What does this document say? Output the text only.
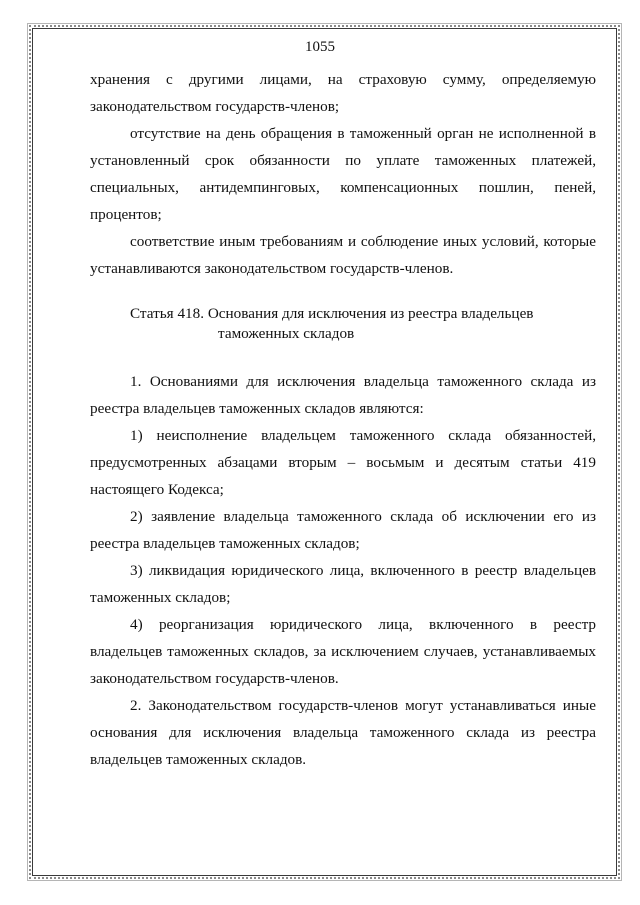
1055

хранения с другими лицами, на страховую сумму, определяемую законодательством государств-членов;

отсутствие на день обращения в таможенный орган не исполненной в установленный срок обязанности по уплате таможенных платежей, специальных, антидемпинговых, компенсационных пошлин, пеней, процентов;

соответствие иным требованиям и соблюдение иных условий, которые устанавливаются законодательством государств-членов.

Статья 418. Основания для исключения из реестра владельцев
таможенных складов

1. Основаниями для исключения владельца таможенного склада из реестра владельцев таможенных складов являются:

1) неисполнение владельцем таможенного склада обязанностей, предусмотренных абзацами вторым – восьмым и десятым статьи 419 настоящего Кодекса;

2) заявление владельца таможенного склада об исключении его из реестра владельцев таможенных складов;

3) ликвидация юридического лица, включенного в реестр владельцев таможенных складов;

4) реорганизация юридического лица, включенного в реестр владельцев таможенных складов, за исключением случаев, устанавливаемых законодательством государств-членов.

2. Законодательством государств-членов могут устанавливаться иные основания для исключения владельца таможенного склада из реестра владельцев таможенных складов.
